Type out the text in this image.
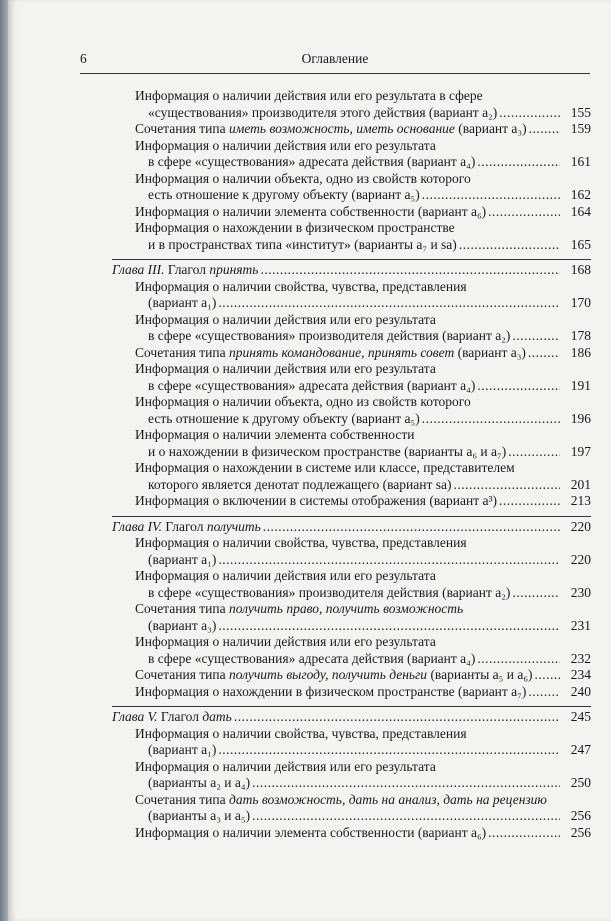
6	Оглавление
Информация о наличии действия или его результата в сфере
«существования» производителя этого действия (вариант a₂) .....	155
Сочетания типа иметь возможность, иметь основание (вариант a₃) .....	159
Информация о наличии действия или его результата
в сфере «существования» адресата действия (вариант a₄) .....	161
Информация о наличии объекта, одно из свойств которого
есть отношение к другому объекту (вариант a₅) .....	162
Информация о наличии элемента собственности (вариант a₆) .....	164
Информация о нахождении в физическом пространстве
и в пространствах типа «институт» (варианты a₇ и sa) .....	165
Глава III. Глагол принять .....	168
Информация о наличии свойства, чувства, представления
(вариант a₁) .....	170
Информация о наличии действия или его результата
в сфере «существования» производителя действия (вариант a₂) .....	178
Сочетания типа принять командование, принять совет (вариант a₃) .....	186
Информация о наличии действия или его результата
в сфере «существования» адресата действия (вариант a₄) .....	191
Информация о наличии объекта, одно из свойств которого
есть отношение к другому объекту (вариант a₅) .....	196
Информация о наличии элемента собственности
и о нахождении в физическом пространстве (варианты a₆ и a₇) .....	197
Информация о нахождении в системе или классе, представителем
которого является денотат подлежащего (вариант sa) .....	201
Информация о включении в системы отображения (вариант a³) .....	213
Глава IV. Глагол получить .....	220
Информация о наличии свойства, чувства, представления
(вариант a₁) .....	220
Информация о наличии действия или его результата
в сфере «существования» производителя действия (вариант a₂) .....	230
Сочетания типа получить право, получить возможность
(вариант a₃) .....	231
Информация о наличии действия или его результата
в сфере «существования» адресата действия (вариант a₄) .....	232
Сочетания типа получить выгоду, получить деньги (варианты a₅ и a₆) .....	234
Информация о нахождении в физическом пространстве (вариант a₇) .....	240
Глава V. Глагол дать .....	245
Информация о наличии свойства, чувства, представления
(вариант a₁) .....	247
Информация о наличии действия или его результата
(варианты a₂ и a₄) .....	250
Сочетания типа дать возможность, дать на анализ, дать на рецензию
(варианты a₃ и a₅) .....	256
Информация о наличии элемента собственности (вариант a₆) .....	256
